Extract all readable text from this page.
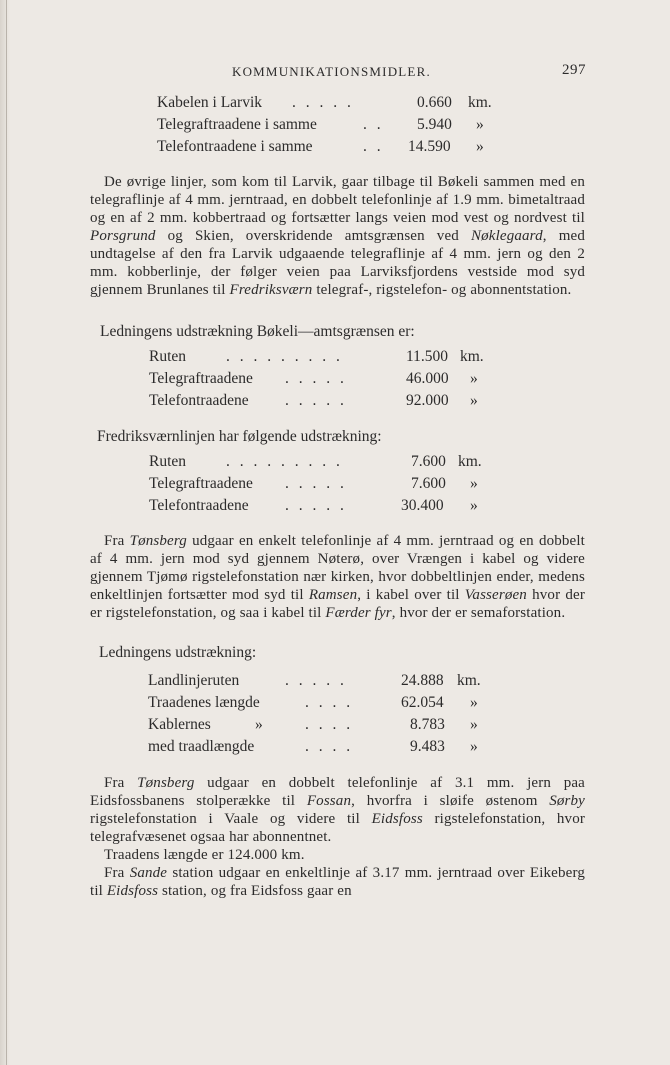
KOMMUNIKATIONSMIDLER.	297
Kabelen i Larvik . . . . .	0.660 km.
Telegraftraadene i samme	. . 5.940 »
Telefontraadene i samme	. . 14.590 »

De øvrige linjer, som kom til Larvik, gaar tilbage til Bøkeli sammen med en telegraflinje af 4 mm. jerntraad, en dobbelt telefonlinje af 1.9 mm. bimetaltraad og en af 2 mm. kobbertraad og fortsætter langs veien mod vest og nordvest til Porsgrund og Skien, overskridende amtsgrænsen ved Nøklegaard, med undtagelse af den fra Larvik udgaaende telegraflinje af 4 mm. jern og den 2 mm. kobberlinje, der følger veien paa Larviksfjordens vestside mod syd gjennem Brunlanes til Fredriksværn telegraf-, rigstelefon- og abonnentstation.

Ledningens udstrækning Bøkeli—amtsgrænsen er:
Ruten	. . . . . . . . .	11.500 km.
Telegraftraadene . . . . .	46.000 »
Telefontraadene . . . . .	92.000 »
Fredriksværnlinjen har følgende udstrækning:
Ruten	. . . . . . . . .	7.600 km.
Telegraftraadene . . . . .	7.600 »
Telefontraadene . . . . .	30.400 »

Fra Tønsberg udgaar en enkelt telefonlinje af 4 mm. jerntraad og en dobbelt af 4 mm. jern mod syd gjennem Nøterø, over Vrængen i kabel og videre gjennem Tjømø rigstelefonstation nær kirken, hvor dobbeltlinjen ender, medens enkeltlinjen fortsætter mod syd til Ramsen, i kabel over til Vasserøen hvor der er rigstelefonstation, og saa i kabel til Færder fyr, hvor der er semaforstation.

Ledningens udstrækning:
Landlinjeruten	. . . . .	24.888 km.
Traadenes længde	. . . .	62.054 »
Kablernes	»	. . . .	8.783 »
med traadlængde	. . . .	9.483 »

Fra Tønsberg udgaar en dobbelt telefonlinje af 3.1 mm. jern paa Eidsfossbanens stolperække til Fossan, hvorfra i sløife østenom Sørby rigstelefonstation i Vaale og videre til Eidsfoss rigstelefonstation, hvor telegrafvæsenet ogsaa har abonnentnet.

Traadens længde er 124.000 km.

Fra Sande station udgaar en enkeltlinje af 3.17 mm. jerntraad over Eikeberg til Eidsfoss station, og fra Eidsfoss gaar en
